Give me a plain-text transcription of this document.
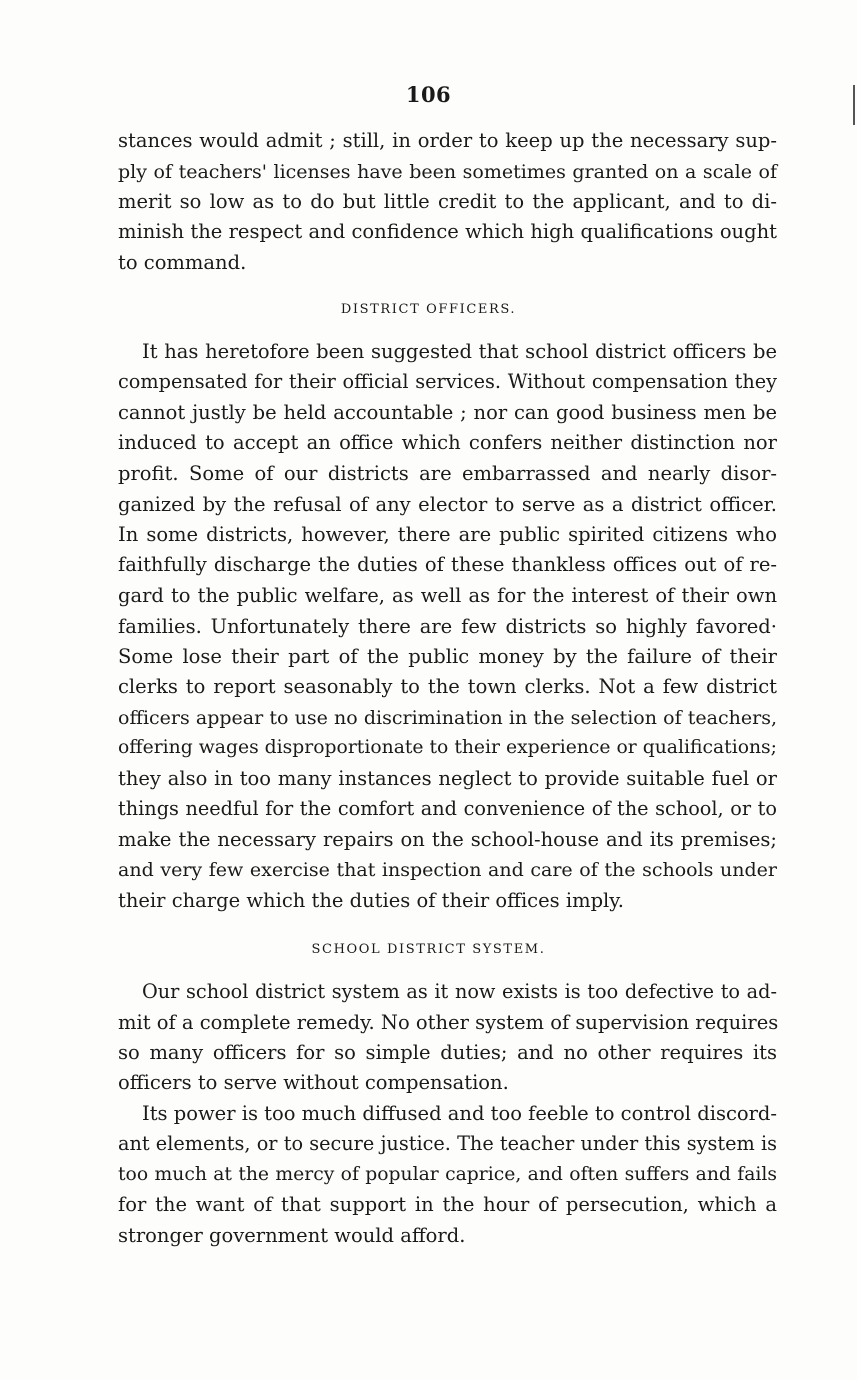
106
stances would admit ; still, in order to keep up the necessary sup-
ply of teachers' licenses have been sometimes granted on a scale of
merit so low as to do but little credit to the applicant, and to di-
minish the respect and confidence which high qualifications ought
to command.
DISTRICT OFFICERS.
It has heretofore been suggested that school district officers be
compensated for their official services. Without compensation they
cannot justly be held accountable ; nor can good business men be
induced to accept an office which confers neither distinction nor
profit. Some of our districts are embarrassed and nearly disor-
ganized by the refusal of any elector to serve as a district officer.
In some districts, however, there are public spirited citizens who
faithfully discharge the duties of these thankless offices out of re-
gard to the public welfare, as well as for the interest of their own
families. Unfortunately there are few districts so highly favored·
Some lose their part of the public money by the failure of their
clerks to report seasonably to the town clerks. Not a few district
officers appear to use no discrimination in the selection of teachers,
offering wages disproportionate to their experience or qualifications;
they also in too many instances neglect to provide suitable fuel or
things needful for the comfort and convenience of the school, or to
make the necessary repairs on the school-house and its premises;
and very few exercise that inspection and care of the schools under
their charge which the duties of their offices imply.
SCHOOL DISTRICT SYSTEM.
Our school district system as it now exists is too defective to ad-
mit of a complete remedy. No other system of supervision requires
so many officers for so simple duties; and no other requires its
officers to serve without compensation.
Its power is too much diffused and too feeble to control discord-
ant elements, or to secure justice. The teacher under this system is
too much at the mercy of popular caprice, and often suffers and fails
for the want of that support in the hour of persecution, which a
stronger government would afford.
